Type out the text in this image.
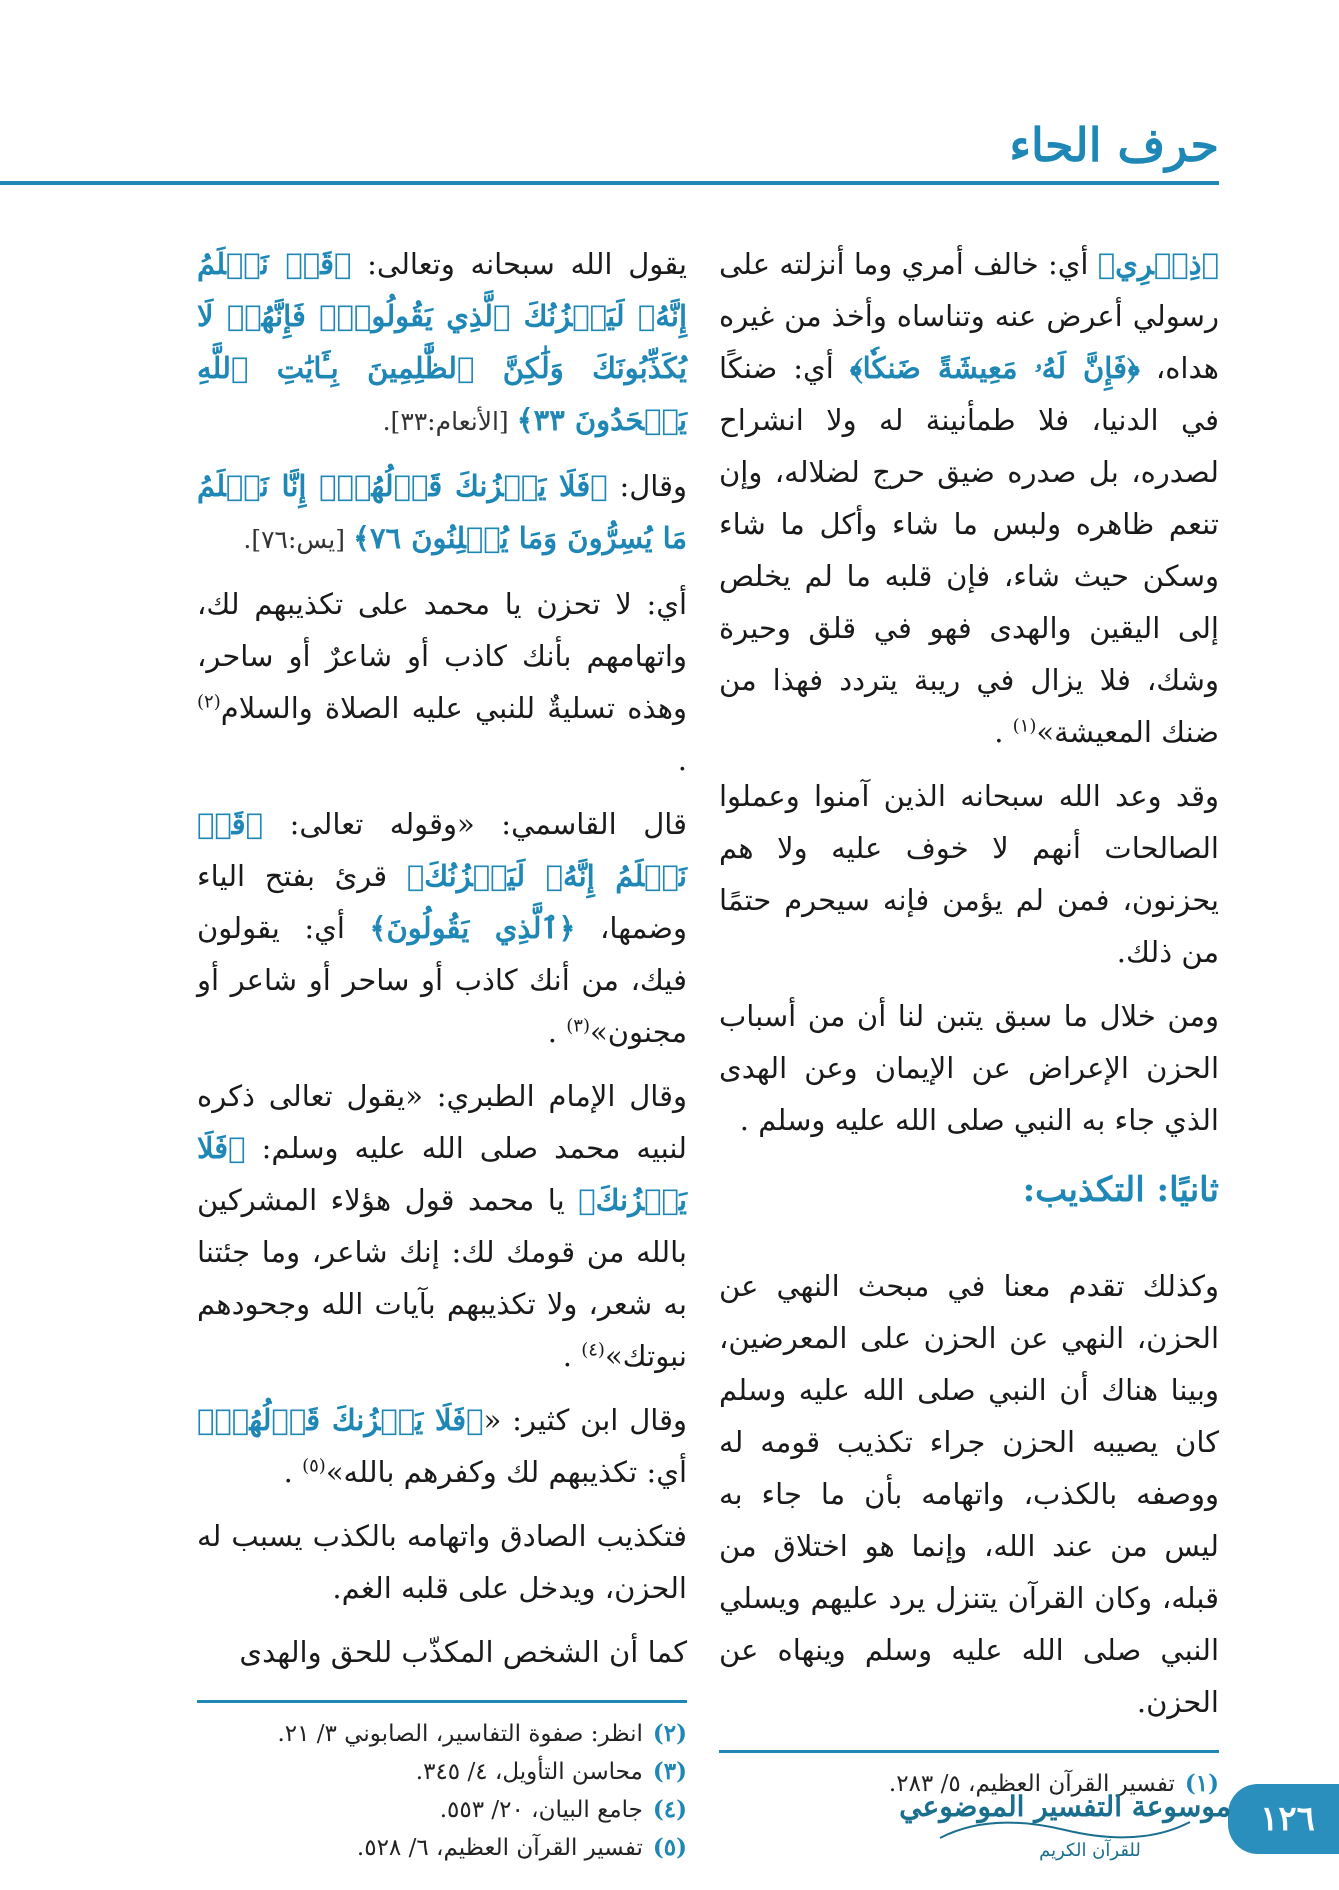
حرف الحاء

﴿ذِكۡرِي﴾ أي: خالف أمري وما أنزلته على رسولي أعرض عنه وتناساه وأخذ من غيره هداه، ﴿فَإِنَّ لَهُۥ مَعِيشَةً ضَنكٗا﴾ أي: ضنكًا في الدنيا، فلا طمأنينة له ولا انشراح لصدره، بل صدره ضيق حرج لضلاله، وإن تنعم ظاهره ولبس ما شاء وأكل ما شاء وسكن حيث شاء، فإن قلبه ما لم يخلص إلى اليقين والهدى فهو في قلق وحيرة وشك، فلا يزال في ريبة يتردد فهذا من ضنك المعيشة»$^{(١)}$ .

وقد وعد الله سبحانه الذين آمنوا وعملوا الصالحات أنهم لا خوف عليه ولا هم يحزنون، فمن لم يؤمن فإنه سيحرم حتمًا من ذلك.

ومن خلال ما سبق يتبن لنا أن من أسباب الحزن الإعراض عن الإيمان وعن الهدى الذي جاء به النبي صلى الله عليه وسلم .

ثانيًا: التكذيب:

وكذلك تقدم معنا في مبحث النهي عن الحزن، النهي عن الحزن على المعرضين، وبينا هناك أن النبي صلى الله عليه وسلم كان يصيبه الحزن جراء تكذيب قومه له ووصفه بالكذب، واتهامه بأن ما جاء به ليس من عند الله، وإنما هو اختلاق من قبله، وكان القرآن يتنزل يرد عليهم ويسلي النبي صلى الله عليه وسلم وينهاه عن الحزن.

(١)تفسير القرآن العظيم، ٥/ ٢٨٣.

يقول الله سبحانه وتعالى: ﴿قَدۡ نَعۡلَمُ إِنَّهُۥ لَيَحۡزُنُكَ ٱلَّذِي يَقُولُونَۖ فَإِنَّهُمۡ لَا يُكَذِّبُونَكَ وَلَٰكِنَّ ٱلظَّٰلِمِينَ بِـَٔايَٰتِ ٱللَّهِ يَجۡحَدُونَ ٣٣﴾ [الأنعام:٣٣].

وقال: ﴿فَلَا يَحۡزُنكَ قَوۡلُهُمۡۘ إِنَّا نَعۡلَمُ مَا يُسِرُّونَ وَمَا يُعۡلِنُونَ ٧٦﴾ [يس:٧٦].

أي: لا تحزن يا محمد على تكذيبهم لك، واتهامهم بأنك كاذب أو شاعرٌ أو ساحر، وهذه تسليةٌ للنبي عليه الصلاة والسلام$^{(٢)}$ .

قال القاسمي: «وقوله تعالى: ﴿قَدۡ نَعۡلَمُ إِنَّهُۥ لَيَحۡزُنُكَ﴾ قرئ بفتح الياء وضمها، ﴿ٱلَّذِي يَقُولُونَ﴾ أي: يقولون فيك، من أنك كاذب أو ساحر أو شاعر أو مجنون»$^{(٣)}$ .

وقال الإمام الطبري: «يقول تعالى ذكره لنبيه محمد صلى الله عليه وسلم: ﴿فَلَا يَحۡزُنكَ﴾ يا محمد قول هؤلاء المشركين بالله من قومك لك: إنك شاعر، وما جئتنا به شعر، ولا تكذيبهم بآيات الله وجحودهم نبوتك»$^{(٤)}$ .

وقال ابن كثير: «﴿فَلَا يَحۡزُنكَ قَوۡلُهُمۡ﴾ أي: تكذيبهم لك وكفرهم بالله»$^{(٥)}$ .

فتكذيب الصادق واتهامه بالكذب يسبب له الحزن، ويدخل على قلبه الغم.

كما أن الشخص المكذّب للحق والهدى

(٢)انظر: صفوة التفاسير، الصابوني ٣/ ٢١.
(٣)محاسن التأويل، ٤/ ٣٤٥.
(٤)جامع البيان، ٢٠/ ٥٥٣.
(٥)تفسير القرآن العظيم، ٦/ ٥٢٨.
١٢٦
موسوعة التفسير الموضوعي
للقرآن الكريم
